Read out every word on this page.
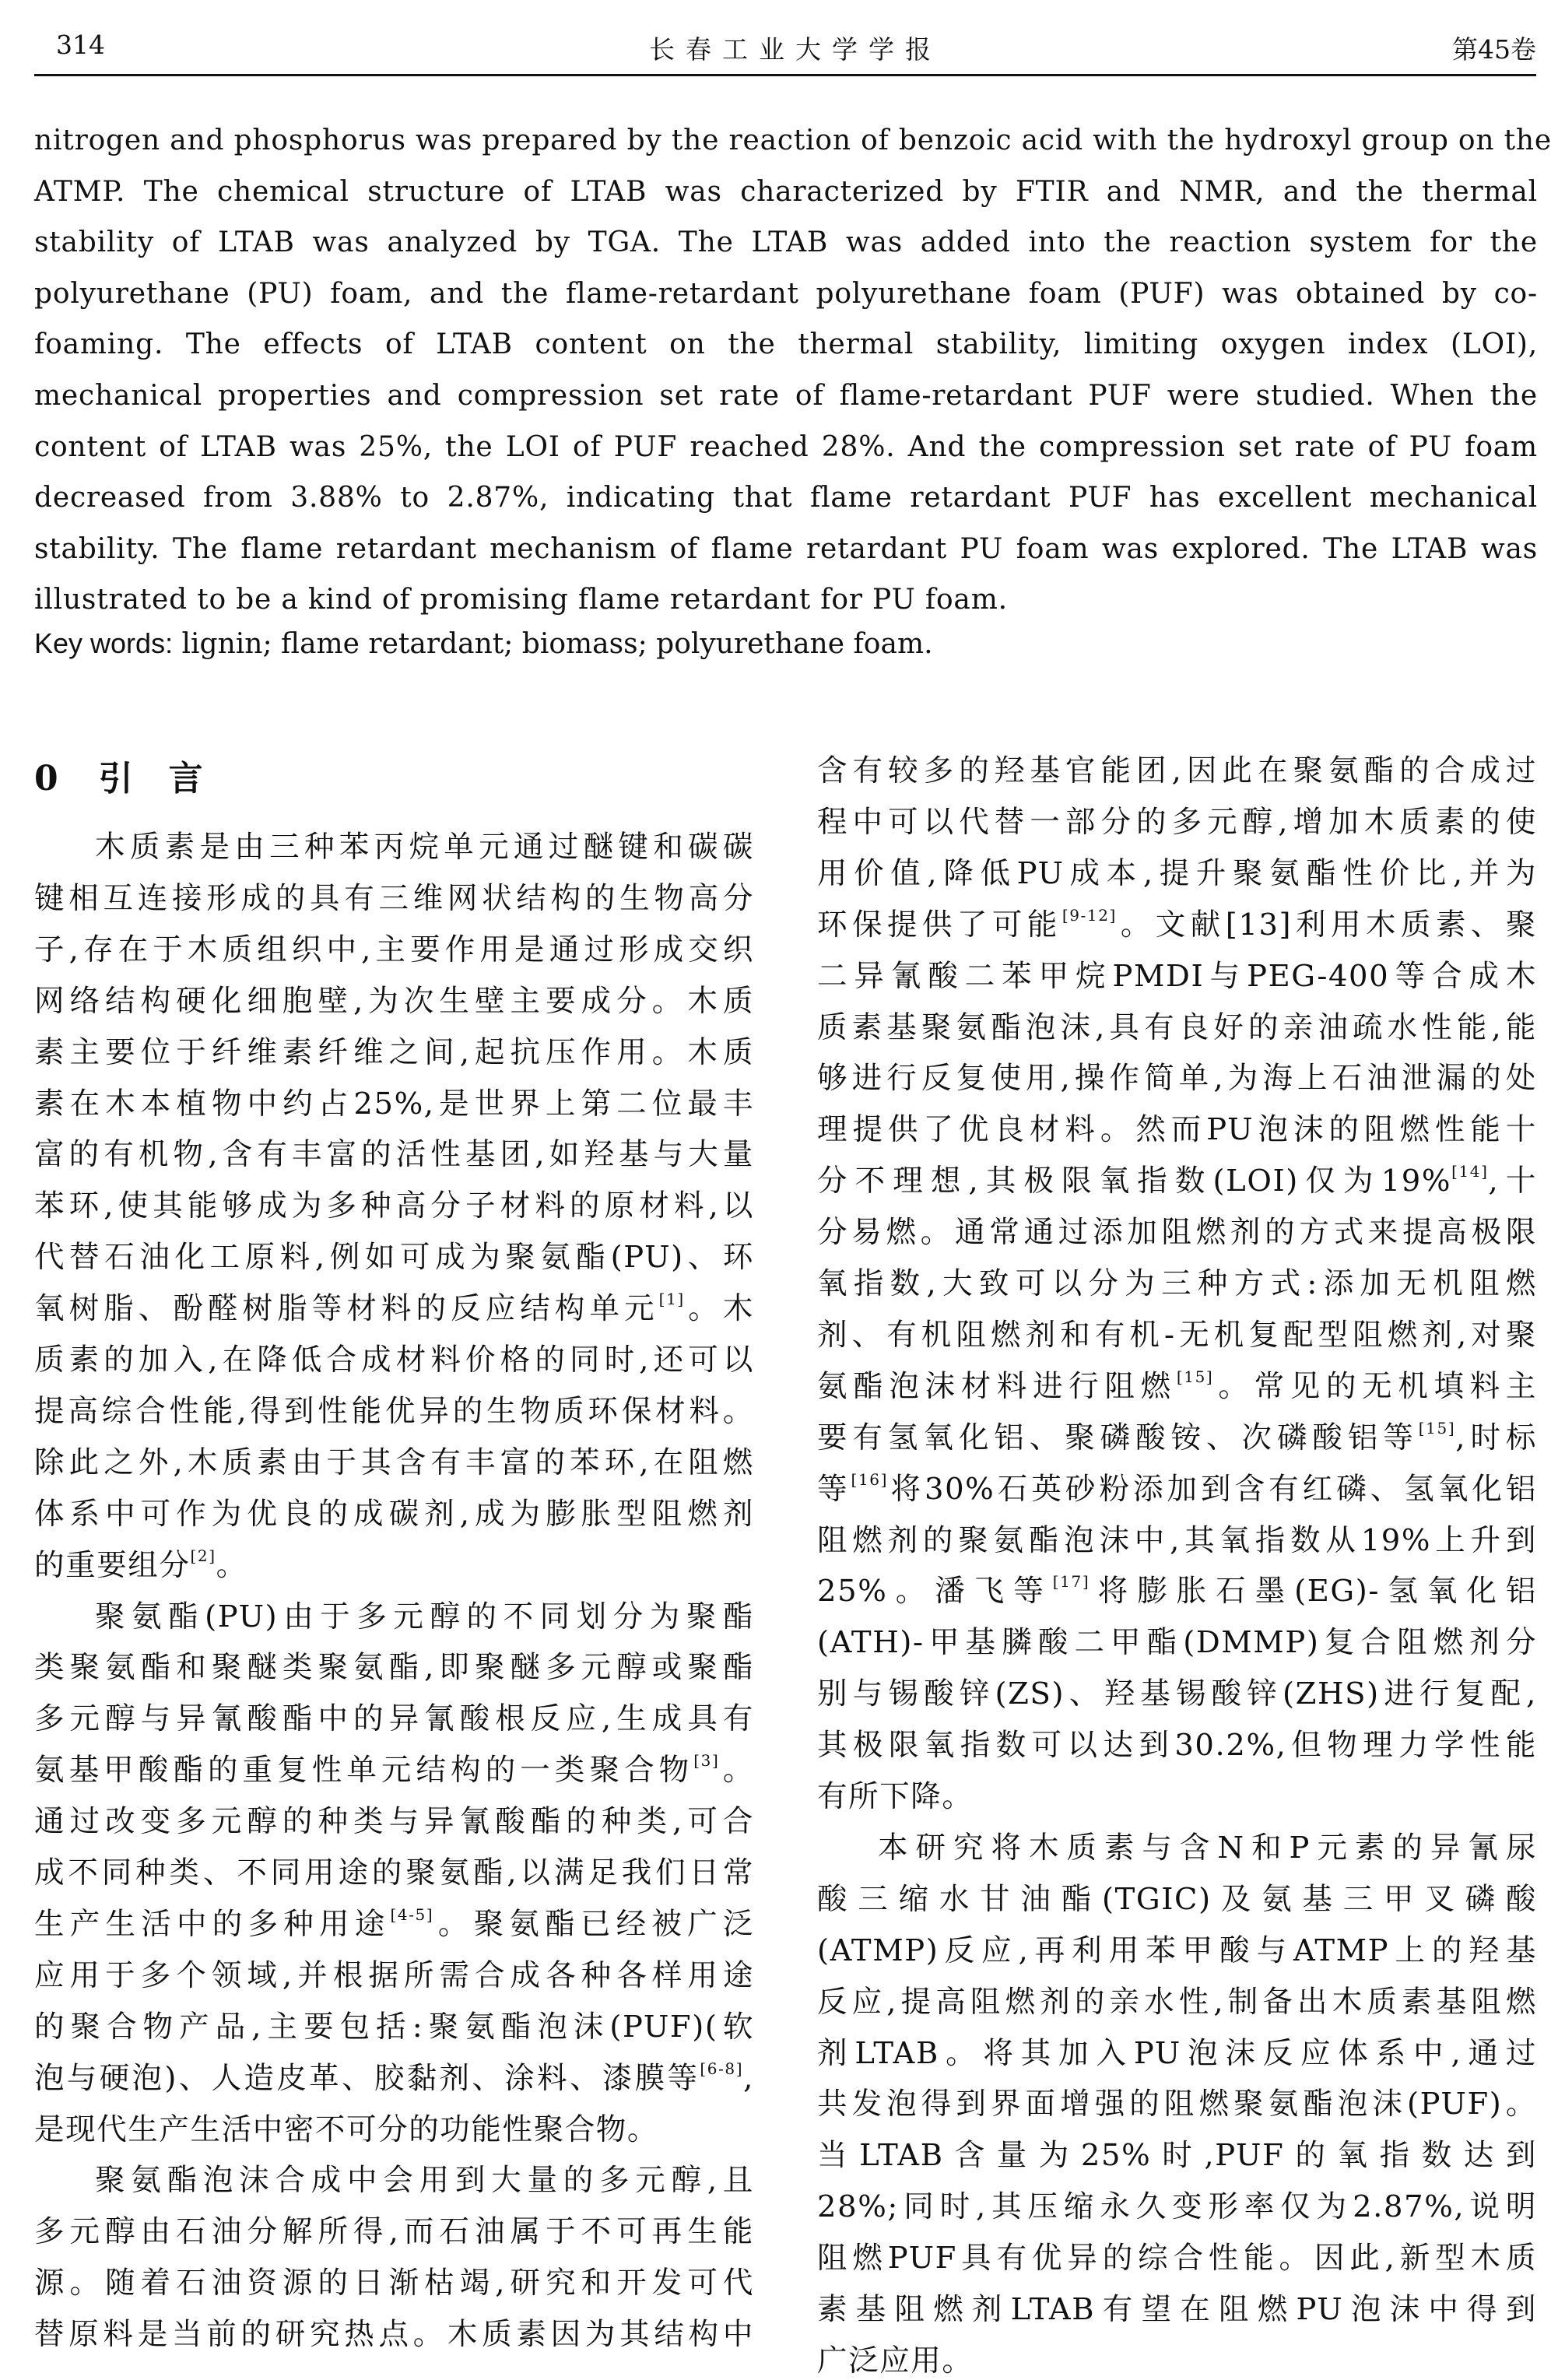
314	长春工业大学学报	第45卷
nitrogen and phosphorus was prepared by the reaction of benzoic acid with the hydroxyl group on the
ATMP. The chemical structure of LTAB was characterized by FTIR and NMR, and the thermal
stability of LTAB was analyzed by TGA. The LTAB was added into the reaction system for the
polyurethane (PU) foam, and the flame-retardant polyurethane foam (PUF) was obtained by co-
foaming. The effects of LTAB content on the thermal stability, limiting oxygen index (LOI),
mechanical properties and compression set rate of flame-retardant PUF were studied. When the
content of LTAB was 25%, the LOI of PUF reached 28%. And the compression set rate of PU foam
decreased from 3.88% to 2.87%, indicating that flame retardant PUF has excellent mechanical
stability. The flame retardant mechanism of flame retardant PU foam was explored. The LTAB was
illustrated to be a kind of promising flame retardant for PU foam.
Key words: lignin; flame retardant; biomass; polyurethane foam.
0 引 言
木质素是由三种苯丙烷单元通过醚键和碳碳
键相互连接形成的具有三维网状结构的生物高分
子,存在于木质组织中,主要作用是通过形成交织
网络结构硬化细胞壁,为次生壁主要成分。木质
素主要位于纤维素纤维之间,起抗压作用。木质
素在木本植物中约占25%,是世界上第二位最丰
富的有机物,含有丰富的活性基团,如羟基与大量
苯环,使其能够成为多种高分子材料的原材料,以
代替石油化工原料,例如可成为聚氨酯(PU)、环
氧树脂、酚醛树脂等材料的反应结构单元[1]。木
质素的加入,在降低合成材料价格的同时,还可以
提高综合性能,得到性能优异的生物质环保材料。
除此之外,木质素由于其含有丰富的苯环,在阻燃
体系中可作为优良的成碳剂,成为膨胀型阻燃剂
的重要组分[2]。
聚氨酯(PU)由于多元醇的不同划分为聚酯
类聚氨酯和聚醚类聚氨酯,即聚醚多元醇或聚酯
多元醇与异氰酸酯中的异氰酸根反应,生成具有
氨基甲酸酯的重复性单元结构的一类聚合物[3]。
通过改变多元醇的种类与异氰酸酯的种类,可合
成不同种类、不同用途的聚氨酯,以满足我们日常
生产生活中的多种用途[4-5]。聚氨酯已经被广泛
应用于多个领域,并根据所需合成各种各样用途
的聚合物产品,主要包括:聚氨酯泡沫(PUF)(软
泡与硬泡)、人造皮革、胶黏剂、涂料、漆膜等[6-8],
是现代生产生活中密不可分的功能性聚合物。
聚氨酯泡沫合成中会用到大量的多元醇,且
多元醇由石油分解所得,而石油属于不可再生能
源。随着石油资源的日渐枯竭,研究和开发可代
替原料是当前的研究热点。木质素因为其结构中
含有较多的羟基官能团,因此在聚氨酯的合成过
程中可以代替一部分的多元醇,增加木质素的使
用价值,降低PU成本,提升聚氨酯性价比,并为
环保提供了可能[9-12]。文献[13]利用木质素、聚
二异氰酸二苯甲烷PMDI与PEG-400等合成木
质素基聚氨酯泡沫,具有良好的亲油疏水性能,能
够进行反复使用,操作简单,为海上石油泄漏的处
理提供了优良材料。然而PU泡沫的阻燃性能十
分不理想,其极限氧指数(LOI)仅为19%[14],十
分易燃。通常通过添加阻燃剂的方式来提高极限
氧指数,大致可以分为三种方式:添加无机阻燃
剂、有机阻燃剂和有机-无机复配型阻燃剂,对聚
氨酯泡沫材料进行阻燃[15]。常见的无机填料主
要有氢氧化铝、聚磷酸铵、次磷酸铝等[15],时标
等[16]将30%石英砂粉添加到含有红磷、氢氧化铝
阻燃剂的聚氨酯泡沫中,其氧指数从19%上升到
25%。潘飞等[17]将膨胀石墨(EG)-氢氧化铝
(ATH)-甲基膦酸二甲酯(DMMP)复合阻燃剂分
别与锡酸锌(ZS)、羟基锡酸锌(ZHS)进行复配,
其极限氧指数可以达到30.2%,但物理力学性能
有所下降。
本研究将木质素与含N和P元素的异氰尿
酸三缩水甘油酯(TGIC)及氨基三甲叉磷酸
(ATMP)反应,再利用苯甲酸与ATMP上的羟基
反应,提高阻燃剂的亲水性,制备出木质素基阻燃
剂LTAB。将其加入PU泡沫反应体系中,通过
共发泡得到界面增强的阻燃聚氨酯泡沫(PUF)。
当LTAB含量为25%时,PUF的氧指数达到
28%;同时,其压缩永久变形率仅为2.87%,说明
阻燃PUF具有优异的综合性能。因此,新型木质
素基阻燃剂LTAB有望在阻燃PU泡沫中得到
广泛应用。
